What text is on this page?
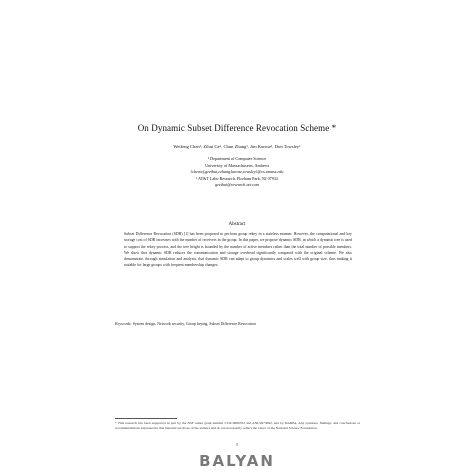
On Dynamic Subset Difference Revocation Scheme *
Weifeng Chen¹, Zihui Ge¹, Chun Zhang¹, Jim Kurose¹, Don Towsley¹
¹ Department of Computer Science
University of Massachusetts, Amherst
{chenwf,gezihui,czhang,kurose,towsley}@cs.umass.edu
² AT&T Labs-Research, Florham Park, NJ 07932
gezihui@research.att.com
Abstract
Subset Difference Revocation (SDR) [1] has been proposed to perform group rekey in a stateless manner. However, the computational and key storage cost of SDR increases with the number of receivers in the group. In this paper, we propose dynamic SDR, in which a dynamic tree is used to support the rekey process, and the tree height is bounded by the number of active members rather than the total number of possible members. We show that dynamic SDR reduces the communication and storage overhead significantly compared with the original scheme. We also demonstrate, through simulation and analysis, that dynamic SDR can adapt to group dynamics and scales well with group size, thus making it suitable for large groups with frequent membership changes.
Keywords: System design, Network security, Group keying, Subset Difference Revocation
* This research has been supported in part by the NSF under grant number CCR-9980552 and ANI-9973092, and by DARPA. Any opinions, findings, and conclusions or recommendations expressed in this material are those of the authors and do not necessarily reflect the views of the National Science Foundation.
1
BALYAN
